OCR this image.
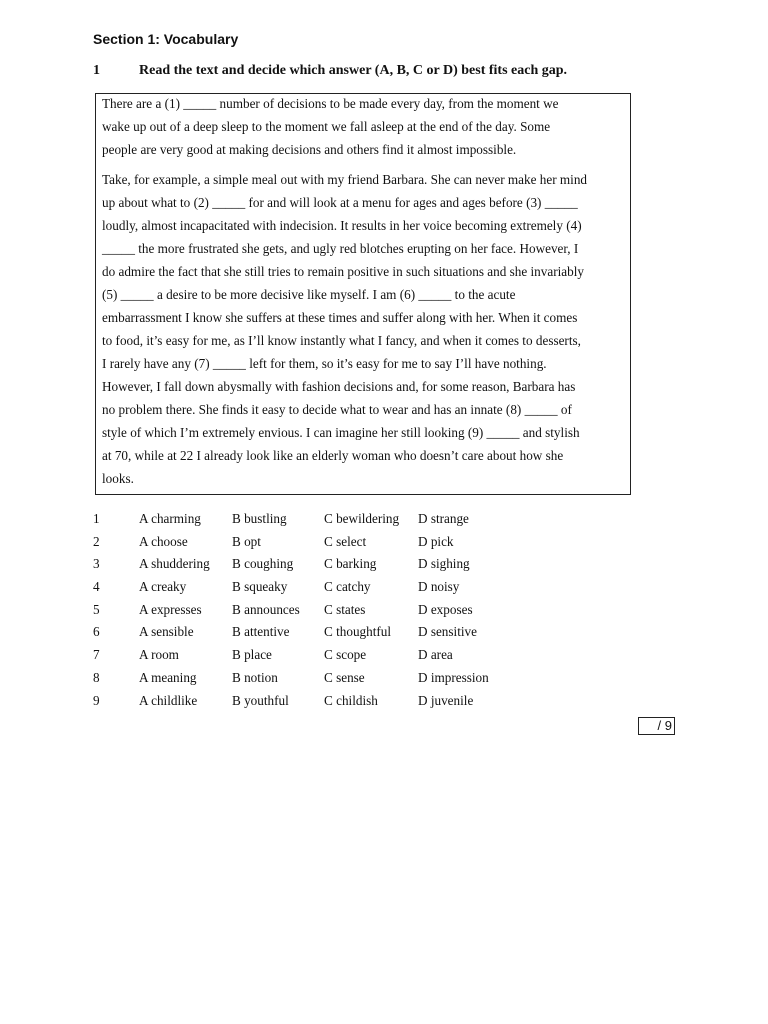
Section 1: Vocabulary
1	Read the text and decide which answer (A, B, C or D) best fits each gap.
There are a (1) _____ number of decisions to be made every day, from the moment we
wake up out of a deep sleep to the moment we fall asleep at the end of the day. Some
people are very good at making decisions and others find it almost impossible.
Take, for example, a simple meal out with my friend Barbara. She can never make her mind
up about what to (2) _____ for and will look at a menu for ages and ages before (3) _____
loudly, almost incapacitated with indecision. It results in her voice becoming extremely (4)
_____ the more frustrated she gets, and ugly red blotches erupting on her face. However, I
do admire the fact that she still tries to remain positive in such situations and she invariably
(5) _____ a desire to be more decisive like myself. I am (6) _____ to the acute
embarrassment I know she suffers at these times and suffer along with her. When it comes
to food, it’s easy for me, as I’ll know instantly what I fancy, and when it comes to desserts,
I rarely have any (7) _____ left for them, so it’s easy for me to say I’ll have nothing.
However, I fall down abysmally with fashion decisions and, for some reason, Barbara has
no problem there. She finds it easy to decide what to wear and has an innate (8) _____ of
style of which I’m extremely envious. I can imagine her still looking (9) _____ and stylish
at 70, while at 22 I already look like an elderly woman who doesn’t care about how she
looks.
1	A charming B bustling	C bewildering D strange
2	A choose	B opt	C select	D pick
3	A shuddering B coughing C barking	D sighing
4	A creaky	B squeaky	C catchy	D noisy
5	A expresses B announces C states	D exposes
6	A sensible	B attentive	C thoughtful D sensitive
7	A room	B place	C scope	D area
8	A meaning	B notion	C sense	D impression
9	A childlike	B youthful	C childish	D juvenile
/ 9
